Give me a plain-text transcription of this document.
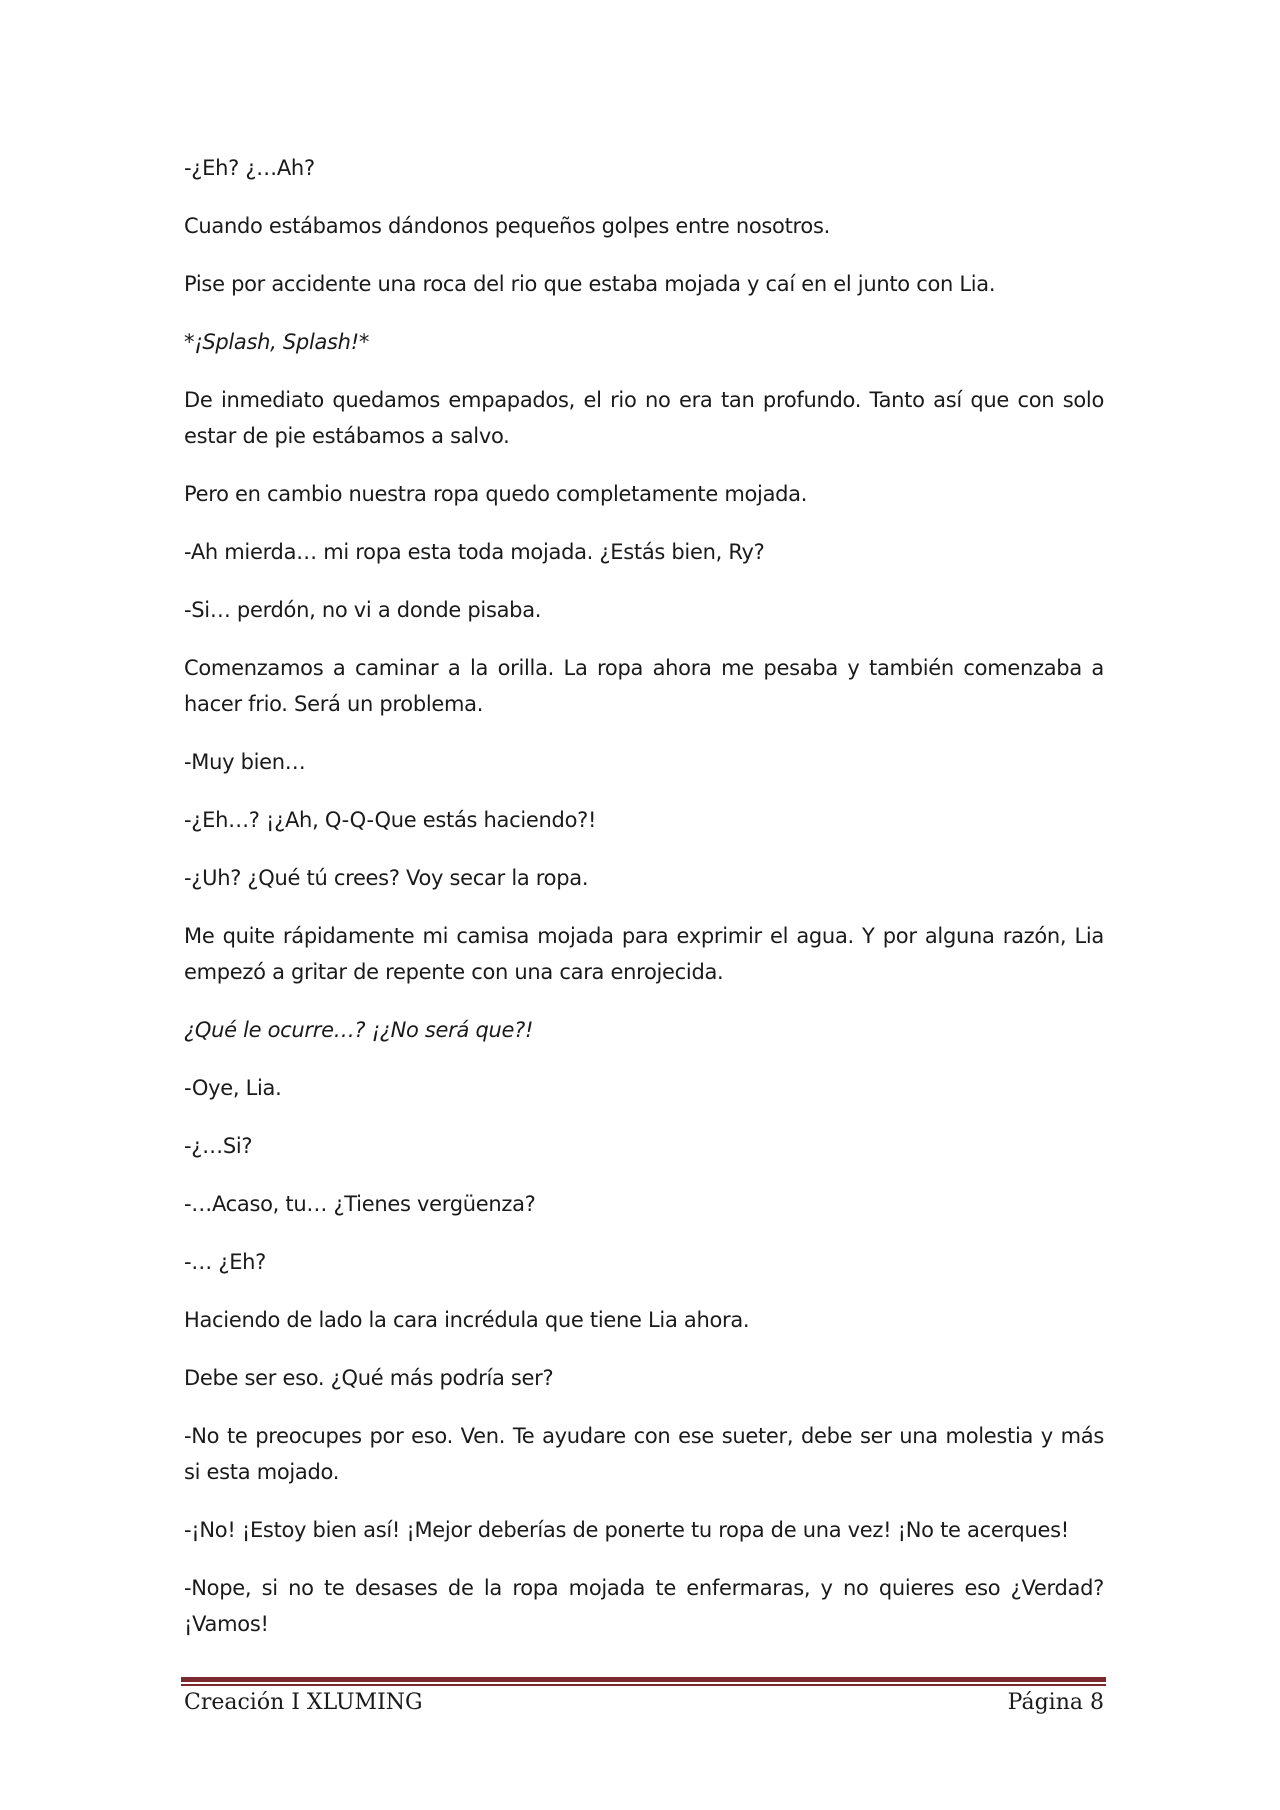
-¿Eh? ¿…Ah?

Cuando estábamos dándonos pequeños golpes entre nosotros.

Pise por accidente una roca del rio que estaba mojada y caí en el junto con Lia.

*¡Splash, Splash!*

De inmediato quedamos empapados, el rio no era tan profundo. Tanto así que con solo estar de pie estábamos a salvo.

Pero en cambio nuestra ropa quedo completamente mojada.

-Ah mierda… mi ropa esta toda mojada. ¿Estás bien, Ry?

-Si… perdón, no vi a donde pisaba.

Comenzamos a caminar a la orilla. La ropa ahora me pesaba y también comenzaba a hacer frio. Será un problema.

-Muy bien…

-¿Eh…? ¡¿Ah, Q-Q-Que estás haciendo?!

-¿Uh? ¿Qué tú crees? Voy secar la ropa.

Me quite rápidamente mi camisa mojada para exprimir el agua. Y por alguna razón, Lia empezó a gritar de repente con una cara enrojecida.

¿Qué le ocurre…? ¡¿No será que?!

-Oye, Lia.

-¿…Si?

-…Acaso, tu… ¿Tienes vergüenza?

-… ¿Eh?

Haciendo de lado la cara incrédula que tiene Lia ahora.

Debe ser eso. ¿Qué más podría ser?

-No te preocupes por eso. Ven. Te ayudare con ese sueter, debe ser una molestia y más si esta mojado.

-¡No! ¡Estoy bien así! ¡Mejor deberías de ponerte tu ropa de una vez! ¡No te acerques!

-Nope, si no te desases de la ropa mojada te enfermaras, y no quieres eso ¿Verdad? ¡Vamos!

Creación I XLUMING	Página 8
